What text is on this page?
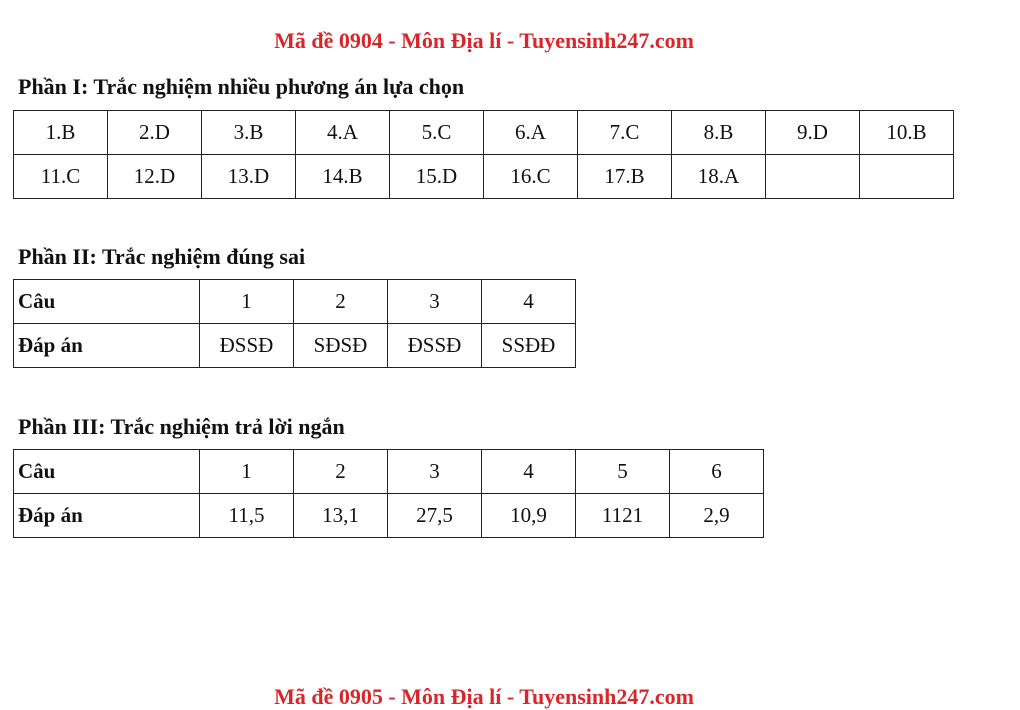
Mã đề 0904 - Môn Địa lí - Tuyensinh247.com
Phần I: Trắc nghiệm nhiều phương án lựa chọn
1.B	2.D	3.B	4.A	5.C	6.A	7.C	8.B	9.D	10.B
11.C	12.D	13.D	14.B	15.D	16.C	17.B	18.A		
Phần II: Trắc nghiệm đúng sai
Câu	1	2	3	4
Đáp án	ĐSSĐ	SĐSĐ	ĐSSĐ	SSĐĐ
Phần III: Trắc nghiệm trả lời ngắn
Câu	1	2	3	4	5	6
Đáp án	11,5	13,1	27,5	10,9	1121	2,9
Mã đề 0905 - Môn Địa lí - Tuyensinh247.com
